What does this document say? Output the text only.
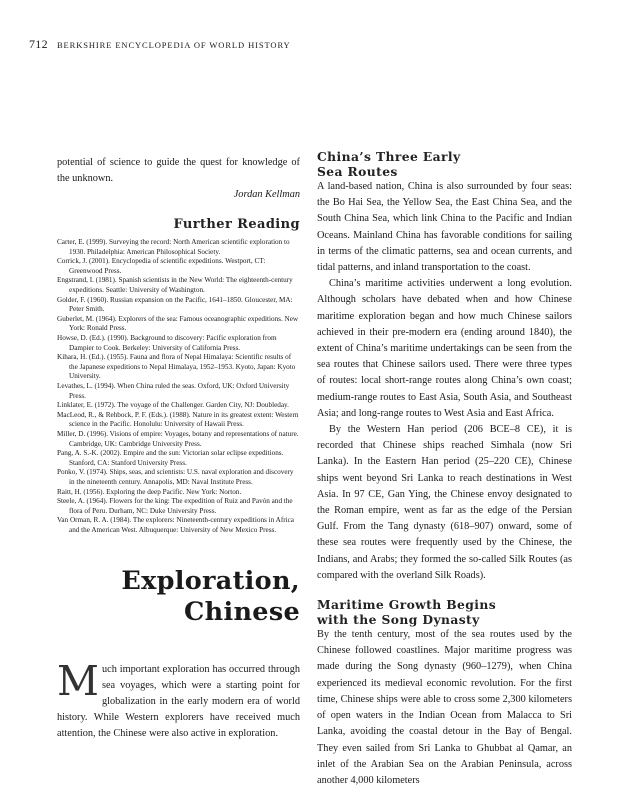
712 BERKSHIRE ENCYCLOPEDIA OF WORLD HISTORY

potential of science to guide the quest for knowledge of the unknown.

Jordan Kellman

Further Reading
Carter, E. (1999). Surveying the record: North American scientific exploration to 1930. Philadelphia: American Philosophical Society.
Corrick, J. (2001). Encyclopedia of scientific expeditions. Westport, CT: Greenwood Press.
Engstrand, I. (1981). Spanish scientists in the New World: The eighteenth-century expeditions. Seattle: University of Washington.
Golder, F. (1960). Russian expansion on the Pacific, 1641–1850. Gloucester, MA: Peter Smith.
Guberlet, M. (1964). Explorers of the sea: Famous oceanographic expeditions. New York: Ronald Press.
Howse, D. (Ed.). (1990). Background to discovery: Pacific exploration from Dampier to Cook. Berkeley: University of California Press.
Kihara, H. (Ed.). (1955). Fauna and flora of Nepal Himalaya: Scientific results of the Japanese expeditions to Nepal Himalaya, 1952–1953. Kyoto, Japan: Kyoto University.
Levathes, L. (1994). When China ruled the seas. Oxford, UK: Oxford University Press.
Linklater, E. (1972). The voyage of the Challenger. Garden City, NJ: Doubleday.
MacLeod, R., & Rehbock, P. F. (Eds.). (1988). Nature in its greatest extent: Western science in the Pacific. Honolulu: University of Hawaii Press.
Miller, D. (1996). Visions of empire: Voyages, botany and representations of nature. Cambridge, UK: Cambridge University Press.
Pang, A. S.-K. (2002). Empire and the sun: Victorian solar eclipse expeditions. Stanford, CA: Stanford University Press.
Ponko, V. (1974). Ships, seas, and scientists: U.S. naval exploration and discovery in the nineteenth century. Annapolis, MD: Naval Institute Press.
Raitt, H. (1956). Exploring the deep Pacific. New York: Norton.
Steele, A. (1964). Flowers for the king: The expedition of Ruiz and Pavón and the flora of Peru. Durham, NC: Duke University Press.
Van Orman, R. A. (1984). The explorers: Nineteenth-century expeditions in Africa and the American West. Albuquerque: University of New Mexico Press.
Exploration,
Chinese

Much important exploration has occurred through sea voyages, which were a starting point for globalization in the early modern era of world history. While Western explorers have received much attention, the Chinese were also active in exploration.

China’s Three Early
Sea Routes

A land-based nation, China is also surrounded by four seas: the Bo Hai Sea, the Yellow Sea, the East China Sea, and the South China Sea, which link China to the Pacific and Indian Oceans. Mainland China has favorable conditions for sailing in terms of the climatic patterns, sea and ocean currents, and tidal patterns, and inland transportation to the coast.

China’s maritime activities underwent a long evolution. Although scholars have debated when and how Chinese maritime exploration began and how much Chinese sailors achieved in their pre-modern era (ending around 1840), the extent of China’s maritime undertakings can be seen from the sea routes that Chinese sailors used. There were three types of routes: local short-range routes along China’s own coast; medium-range routes to East Asia, South Asia, and Southeast Asia; and long-range routes to West Asia and East Africa.

By the Western Han period (206 BCE–8 CE), it is recorded that Chinese ships reached Simhala (now Sri Lanka). In the Eastern Han period (25–220 CE), Chinese ships went beyond Sri Lanka to reach destinations in West Asia. In 97 CE, Gan Ying, the Chinese envoy designated to the Roman empire, went as far as the edge of the Persian Gulf. From the Tang dynasty (618–907) onward, some of these sea routes were frequently used by the Chinese, the Indians, and Arabs; they formed the so-called Silk Routes (as compared with the overland Silk Roads).

Maritime Growth Begins
with the Song Dynasty

By the tenth century, most of the sea routes used by the Chinese followed coastlines. Major maritime progress was made during the Song dynasty (960–1279), when China experienced its medieval economic revolution. For the first time, Chinese ships were able to cross some 2,300 kilometers of open waters in the Indian Ocean from Malacca to Sri Lanka, avoiding the coastal detour in the Bay of Bengal. They even sailed from Sri Lanka to Ghubbat al Qamar, an inlet of the Arabian Sea on the Arabian Peninsula, across another 4,000 kilometers
